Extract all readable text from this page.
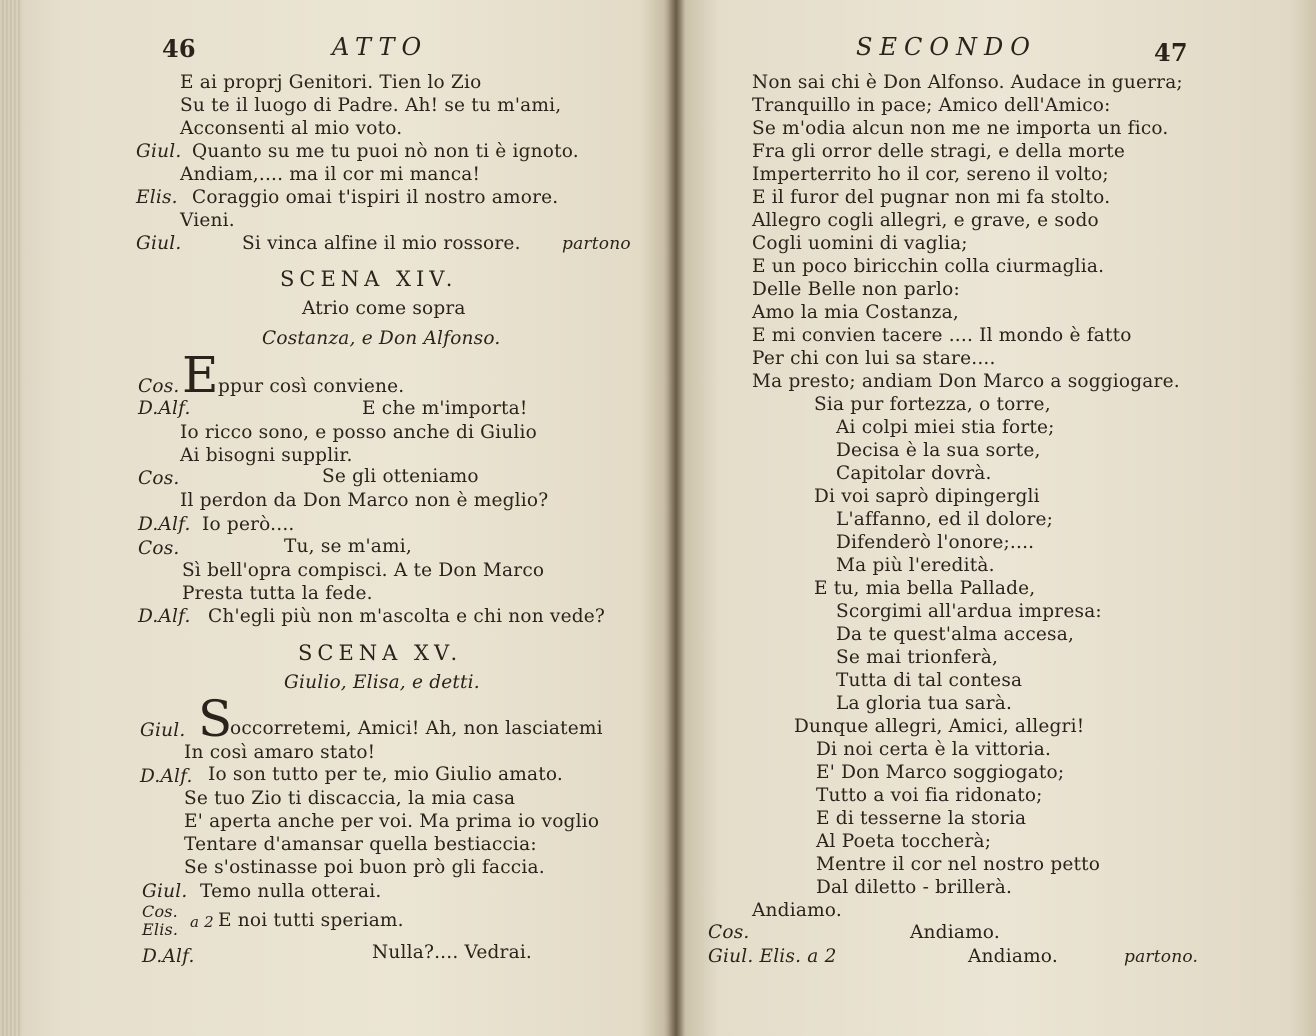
46	ATTO
E ai proprj Genitori. Tien lo Zio
Su te il luogo di Padre. Ah! se tu m'ami,
Acconsenti al mio voto.
Giul. Quanto su me tu puoi nò non ti è ignoto.
Andiam,.... ma il cor mi manca!
Elis. Coraggio omai t'ispiri il nostro amore.
Vieni.
Giul.	Si vinca alfine il mio rossore. partono
SCENA XIV.
Atrio come sopra
Costanza, e Don Alfonso.
Cos. E ppur così conviene.
D.Alf.	E che m'importa!
Io ricco sono, e posso anche di Giulio
Ai bisogni supplir.
Cos.	Se gli otteniamo
Il perdon da Don Marco non è meglio?
D.Alf. Io però....
Cos.	Tu, se m'ami,
Sì bell'opra compisci. A te Don Marco
Presta tutta la fede.
D.Alf. Ch'egli più non m'ascolta e chi non vede?
SCENA XV.
Giulio, Elisa, e detti.
Giul. S
occorretemi, Amici! Ah, non lasciatemi
In così amaro stato!
D.Alf. Io son tutto per te, mio Giulio amato.
Se tuo Zio ti discaccia, la mia casa
E' aperta anche per voi. Ma prima io voglio
Tentare d'amansar quella bestiaccia:
Se s'ostinasse poi buon prò gli faccia.
Giul. Temo nulla otterai.
Cos.
Elis. a 2 E noi tutti speriam.
D.Alf.	Nulla?.... Vedrai.
SECONDO	47
Non sai chi è Don Alfonso. Audace in guerra;
Tranquillo in pace; Amico dell'Amico:
Se m'odia alcun non me ne importa un fico.
Fra gli orror delle stragi, e della morte
Imperterrito ho il cor, sereno il volto;
E il furor del pugnar non mi fa stolto.
Allegro cogli allegri, e grave, e sodo
Cogli uomini di vaglia;
E un poco biricchin colla ciurmaglia.
Delle Belle non parlo:
Amo la mia Costanza,
E mi convien tacere .... Il mondo è fatto
Per chi con lui sa stare....
Ma presto; andiam Don Marco a soggiogare.
Sia pur fortezza, o torre,
Ai colpi miei stia forte;
Decisa è la sua sorte,
Capitolar dovrà.
Di voi saprò dipingergli
L'affanno, ed il dolore;
Difenderò l'onore;....
Ma più l'eredità.
E tu, mia bella Pallade,
Scorgimi all'ardua impresa:
Da te quest'alma accesa,
Se mai trionferà,
Tutta di tal contesa
La gloria tua sarà.
Dunque allegri, Amici, allegri!
Di noi certa è la vittoria.
E' Don Marco soggiogato;
Tutto a voi fia ridonato;
E di tesserne la storia
Al Poeta toccherà;
Mentre il cor nel nostro petto
Dal diletto - brillerà.
Andiamo.
Cos.	Andiamo.
Giul. Elis. a 2	Andiamo.	partono.
